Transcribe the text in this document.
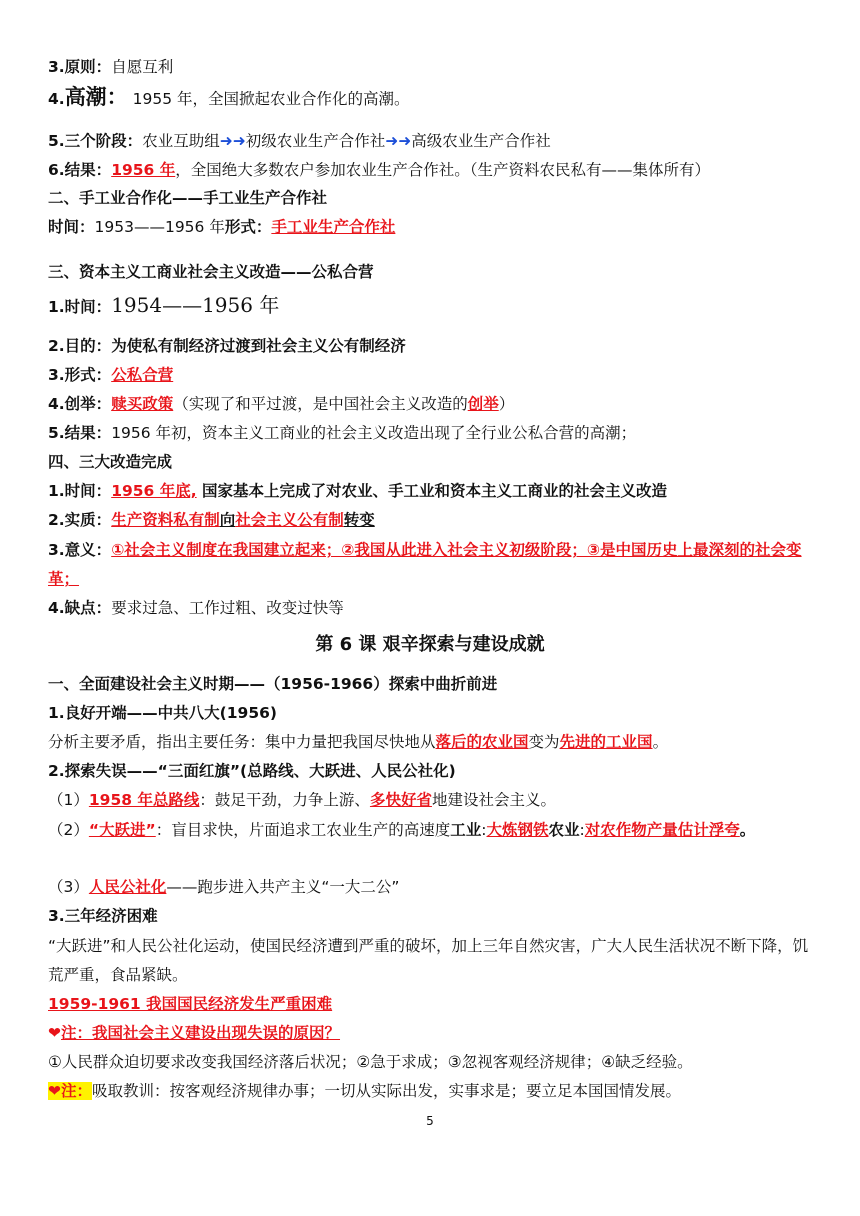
3.原则：自愿互利
4.高潮： 1955 年，全国掀起农业合作化的高潮。
5.三个阶段：农业互助组➜➜初级农业生产合作社➜➜高级农业生产合作社
6.结果：1956 年，全国绝大多数农户参加农业生产合作社。（生产资料农民私有——集体所有）
二、手工业合作化——手工业生产合作社
时间：1953——1956 年形式：手工业生产合作社
三、资本主义工商业社会主义改造——公私合营
1.时间：1954——1956 年
2.目的：为使私有制经济过渡到社会主义公有制经济
3.形式：公私合营
4.创举：赎买政策（实现了和平过渡，是中国社会主义改造的创举）
5.结果：1956 年初，资本主义工商业的社会主义改造出现了全行业公私合营的高潮；
四、三大改造完成
1.时间：1956 年底, 国家基本上完成了对农业、手工业和资本主义工商业的社会主义改造
2.实质：生产资料私有制向社会主义公有制转变
3.意义：①社会主义制度在我国建立起来；②我国从此进入社会主义初级阶段；③是中国历史上最深刻的社会变革；
4.缺点：要求过急、工作过粗、改变过快等
第 6 课 艰辛探索与建设成就
一、全面建设社会主义时期——（1956-1966）探索中曲折前进
1.良好开端——中共八大(1956)
分析主要矛盾，指出主要任务：集中力量把我国尽快地从落后的农业国变为先进的工业国。
2.探索失误——“三面红旗”(总路线、大跃进、人民公社化)
（1）1958 年总路线：鼓足干劲，力争上游、多快好省地建设社会主义。
（2）“大跃进”：盲目求快，片面追求工农业生产的高速度工业:大炼钢铁农业:对农作物产量估计浮夸。
（3）人民公社化——跑步进入共产主义“一大二公”
3.三年经济困难
“大跃进”和人民公社化运动，使国民经济遭到严重的破坏，加上三年自然灾害，广大人民生活状况不断下降，饥荒严重，食品紧缺。
1959-1961 我国国民经济发生严重困难
❤注：我国社会主义建设出现失误的原因？
①人民群众迫切要求改变我国经济落后状况；②急于求成；③忽视客观经济规律；④缺乏经验。
❤注：吸取教训：按客观经济规律办事；一切从实际出发，实事求是；要立足本国国情发展。
5
